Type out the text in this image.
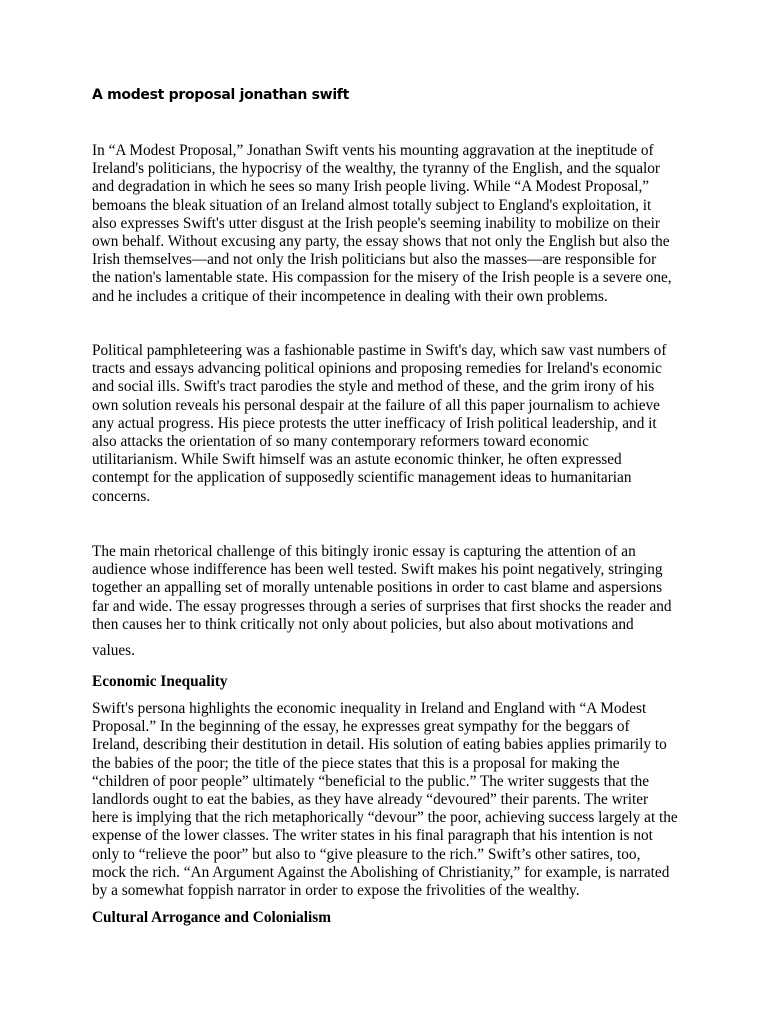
A modest proposal jonathan swift

In “A Modest Proposal,” Jonathan Swift vents his mounting aggravation at the ineptitude of Ireland's politicians, the hypocrisy of the wealthy, the tyranny of the English, and the squalor and degradation in which he sees so many Irish people living. While “A Modest Proposal,” bemoans the bleak situation of an Ireland almost totally subject to England's exploitation, it also expresses Swift's utter disgust at the Irish people's seeming inability to mobilize on their own behalf. Without excusing any party, the essay shows that not only the English but also the Irish themselves—and not only the Irish politicians but also the masses—are responsible for the nation's lamentable state. His compassion for the misery of the Irish people is a severe one, and he includes a critique of their incompetence in dealing with their own problems.

Political pamphleteering was a fashionable pastime in Swift's day, which saw vast numbers of tracts and essays advancing political opinions and proposing remedies for Ireland's economic and social ills. Swift's tract parodies the style and method of these, and the grim irony of his own solution reveals his personal despair at the failure of all this paper journalism to achieve any actual progress. His piece protests the utter inefficacy of Irish political leadership, and it also attacks the orientation of so many contemporary reformers toward economic utilitarianism. While Swift himself was an astute economic thinker, he often expressed contempt for the application of supposedly scientific management ideas to humanitarian concerns.

The main rhetorical challenge of this bitingly ironic essay is capturing the attention of an audience whose indifference has been well tested. Swift makes his point negatively, stringing together an appalling set of morally untenable positions in order to cast blame and aspersions far and wide. The essay progresses through a series of surprises that first shocks the reader and then causes her to think critically not only about policies, but also about motivations and

values.

Economic Inequality

Swift's persona highlights the economic inequality in Ireland and England with “A Modest Proposal.” In the beginning of the essay, he expresses great sympathy for the beggars of Ireland, describing their destitution in detail. His solution of eating babies applies primarily to the babies of the poor; the title of the piece states that this is a proposal for making the “children of poor people” ultimately “beneficial to the public.” The writer suggests that the landlords ought to eat the babies, as they have already “devoured” their parents. The writer here is implying that the rich metaphorically “devour” the poor, achieving success largely at the expense of the lower classes. The writer states in his final paragraph that his intention is not only to “relieve the poor” but also to “give pleasure to the rich.” Swift’s other satires, too, mock the rich. “An Argument Against the Abolishing of Christianity,” for example, is narrated by a somewhat foppish narrator in order to expose the frivolities of the wealthy.

Cultural Arrogance and Colonialism
